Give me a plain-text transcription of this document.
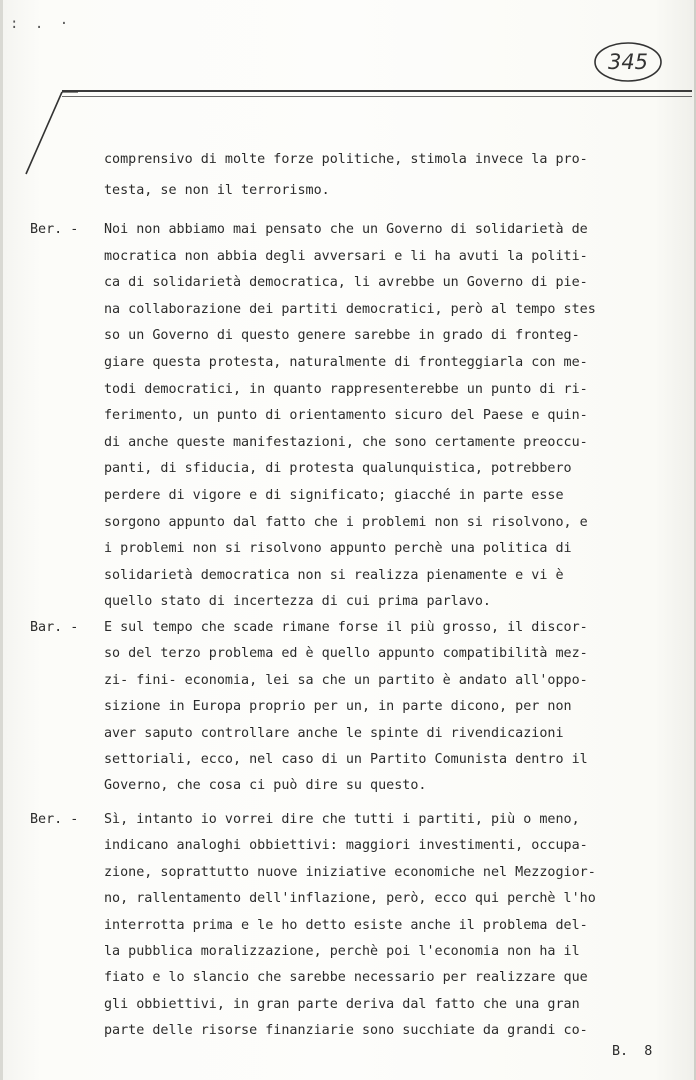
: . ·
345
comprensivo di molte forze politiche, stimola invece la pro-
testa, se non il terrorismo.
Ber. - Noi non abbiamo mai pensato che un Governo di solidarietà de
mocratica non abbia degli avversari e li ha avuti la politi-
ca di solidarietà democratica, li avrebbe un Governo di pie-
na collaborazione dei partiti democratici, però al tempo stes
so un Governo di questo genere sarebbe in grado di fronteg-
giare questa protesta, naturalmente di fronteggiarla con me-
todi democratici, in quanto rappresenterebbe un punto di ri-
ferimento, un punto di orientamento sicuro del Paese e quin-
di anche queste manifestazioni, che sono certamente preoccu-
panti, di sfiducia, di protesta qualunquistica, potrebbero
perdere di vigore e di significato; giacché in parte esse
sorgono appunto dal fatto che i problemi non si risolvono, e
i problemi non si risolvono appunto perchè una politica di
solidarietà democratica non si realizza pienamente e vi è
quello stato di incertezza di cui prima parlavo.
Bar. - E sul tempo che scade rimane forse il più grosso, il discor-
so del terzo problema ed è quello appunto compatibilità mez-
zi- fini- economia, lei sa che un partito è andato all'oppo-
sizione in Europa proprio per un, in parte dicono, per non
aver saputo controllare anche le spinte di rivendicazioni
settoriali, ecco, nel caso di un Partito Comunista dentro il
Governo, che cosa ci può dire su questo.
Ber. - Sì, intanto io vorrei dire che tutti i partiti, più o meno,
indicano analoghi obbiettivi: maggiori investimenti, occupa-
zione, soprattutto nuove iniziative economiche nel Mezzogior-
no, rallentamento dell'inflazione, però, ecco qui perchè l'ho
interrotta prima e le ho detto esiste anche il problema del-
la pubblica moralizzazione, perchè poi l'economia non ha il
fiato e lo slancio che sarebbe necessario per realizzare que
gli obbiettivi, in gran parte deriva dal fatto che una gran
parte delle risorse finanziarie sono succhiate da grandi co-
B.  8
